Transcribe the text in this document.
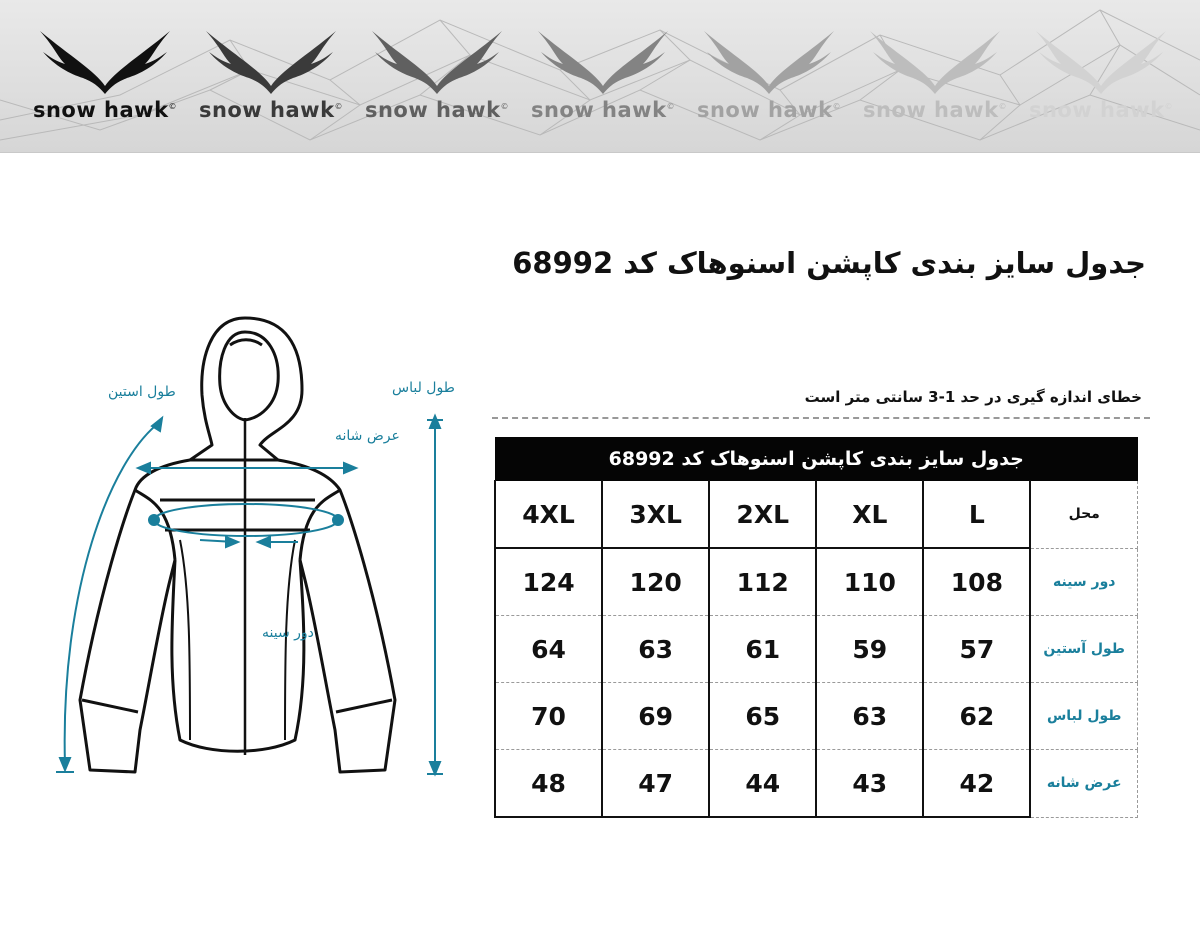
snow hawk© snow hawk© snow hawk© snow hawk© snow hawk© snow hawk© snow hawk©
جدول سایز بندی کاپشن اسنوهاک کد 68992
طول استین	طول لباس
عرض شانه
دور سینه
خطای اندازه گیری در حد 1-3 سانتی متر است
جدول سایز بندی کاپشن اسنوهاک کد 68992					
محل	L	XL	2XL	3XL	4XL
دور سینه	108	110	112	120	124
طول آستین	57	59	61	63	64
طول لباس	62	63	65	69	70
عرض شانه	42	43	44	47	48
